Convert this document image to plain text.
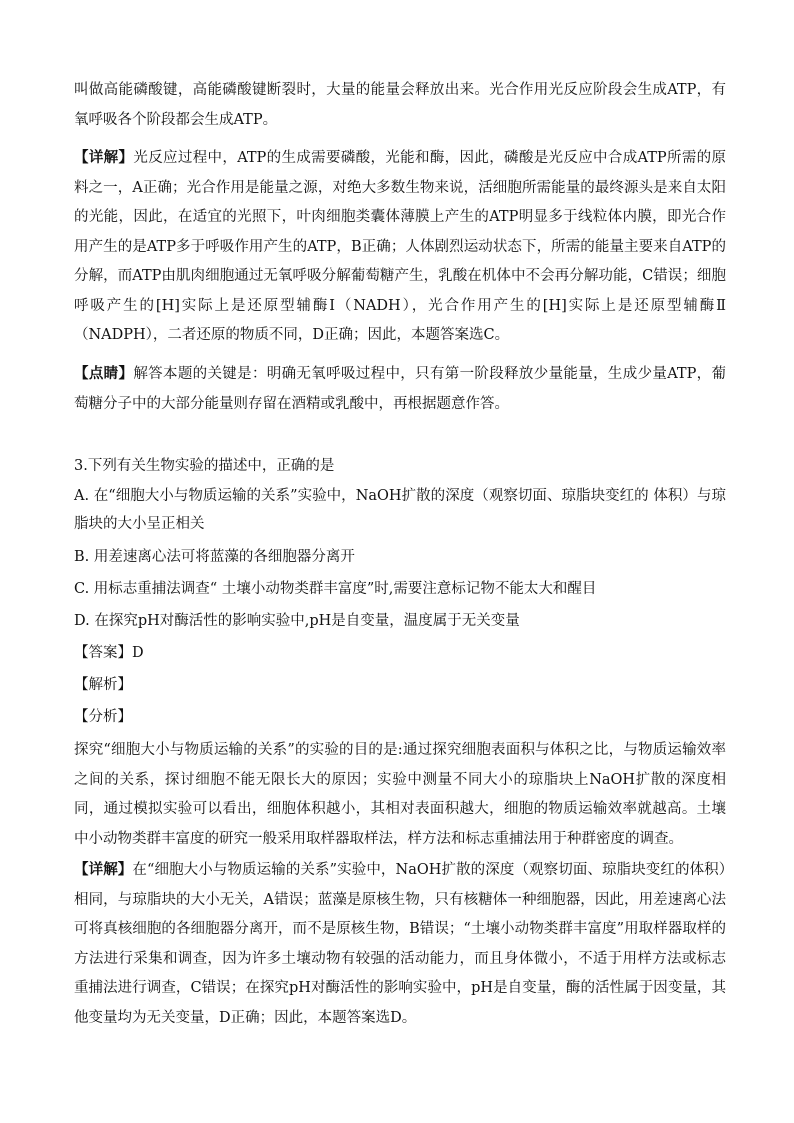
叫做高能磷酸键，高能磷酸键断裂时，大量的能量会释放出来。光合作用光反应阶段会生成ATP，有氧呼吸各个阶段都会生成ATP。

【详解】光反应过程中，ATP的生成需要磷酸，光能和酶，因此，磷酸是光反应中合成ATP所需的原料之一，A正确；光合作用是能量之源，对绝大多数生物来说，活细胞所需能量的最终源头是来自太阳的光能，因此，在适宜的光照下，叶肉细胞类囊体薄膜上产生的ATP明显多于线粒体内膜，即光合作用产生的是ATP多于呼吸作用产生的ATP，B正确；人体剧烈运动状态下，所需的能量主要来自ATP的分解，而ATP由肌肉细胞通过无氧呼吸分解葡萄糖产生，乳酸在机体中不会再分解功能，C错误；细胞呼吸产生的[H]实际上是还原型辅酶Ⅰ（NADH），光合作用产生的[H]实际上是还原型辅酶Ⅱ（NADPH），二者还原的物质不同，D正确；因此，本题答案选C。

【点睛】解答本题的关键是：明确无氧呼吸过程中，只有第一阶段释放少量能量，生成少量ATP，葡萄糖分子中的大部分能量则存留在酒精或乳酸中，再根据题意作答。

3.下列有关生物实验的描述中，正确的是

A. 在“细胞大小与物质运输的关系”实验中，NaOH扩散的深度（观察切面、琼脂块变红的 体积）与琼脂块的大小呈正相关

B. 用差速离心法可将蓝藻的各细胞器分离开

C. 用标志重捕法调查“ 土壤小动物类群丰富度”时,需要注意标记物不能太大和醒目

D. 在探究pH对酶活性的影响实验中,pH是自变量，温度属于无关变量

【答案】D

【解析】

【分析】

探究“细胞大小与物质运输的关系”的实验的目的是:通过探究细胞表面积与体积之比，与物质运输效率之间的关系，探讨细胞不能无限长大的原因；实验中测量不同大小的琼脂块上NaOH扩散的深度相同，通过模拟实验可以看出，细胞体积越小，其相对表面积越大，细胞的物质运输效率就越高。土壤中小动物类群丰富度的研究一般采用取样器取样法，样方法和标志重捕法用于种群密度的调查。

【详解】在“细胞大小与物质运输的关系”实验中，NaOH扩散的深度（观察切面、琼脂块变红的体积）相同，与琼脂块的大小无关，A错误；蓝藻是原核生物，只有核糖体一种细胞器，因此，用差速离心法可将真核细胞的各细胞器分离开，而不是原核生物，B错误；“土壤小动物类群丰富度”用取样器取样的方法进行采集和调查，因为许多土壤动物有较强的活动能力，而且身体微小，不适于用样方法或标志重捕法进行调查，C错误；在探究pH对酶活性的影响实验中，pH是自变量，酶的活性属于因变量，其他变量均为无关变量，D正确；因此，本题答案选D。
